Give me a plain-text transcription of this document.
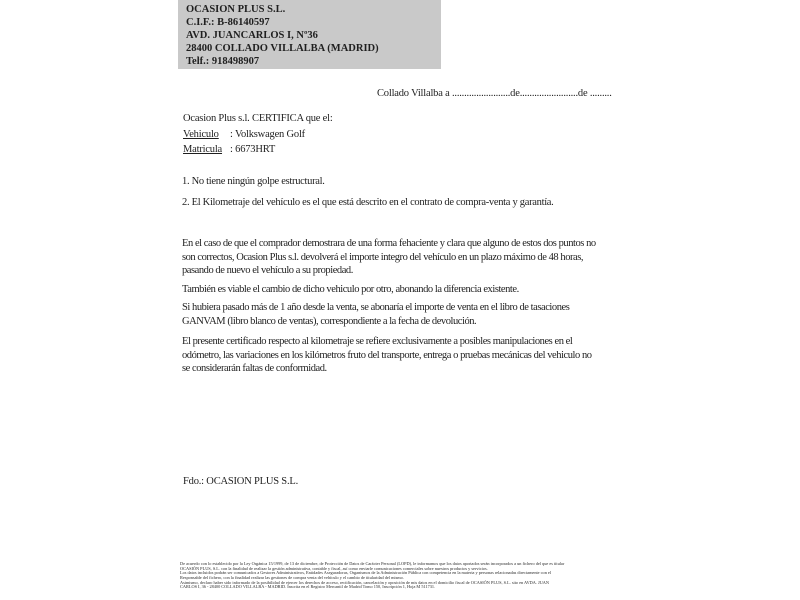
OCASION PLUS S.L.
C.I.F.: B-86140597
AVD. JUANCARLOS I, Nº36
28400 COLLADO VILLALBA (MADRID)
Telf.: 918498907
Collado Villalba a ........................de........................de .........
Ocasion Plus s.l. CERTIFICA que el:
Vehiculo : Volkswagen Golf
Matricula : 6673HRT
1. No tiene ningún golpe estructural.
2. El Kilometraje del vehículo es el que está descrito en el contrato de compra-venta y garantía.
En el caso de que el comprador demostrara de una forma fehaciente y clara que alguno de estos dos puntos no
son correctos, Ocasion Plus s.l. devolverá el importe integro del vehículo en un plazo máximo de 48 horas,
pasando de nuevo el vehículo a su propiedad.
También es viable el cambio de dicho vehiculo por otro, abonando la diferencia existente.
Si hubiera pasado más de 1 año desde la venta, se abonaría el importe de venta en el libro de tasaciones
GANVAM (libro blanco de ventas), correspondiente a la fecha de devolución.
El presente certificado respecto al kilometraje se refiere exclusivamente a posibles manipulaciones en el
odómetro, las variaciones en los kilómetros fruto del transporte, entrega o pruebas mecánicas del vehiculo no
se considerarán faltas de conformidad.
Fdo.: OCASION PLUS S.L.
De acuerdo con lo establecido por la Ley Orgánica 15/1999, de 13 de diciembre, de Protección de Datos de Carácter Personal (LOPD), le informamos que los datos aportados serán incorporados a un fichero del que es titular
OCASIÓN PLUS, S.L. con la finalidad de realizar la gestión administrativa, contable y fiscal, así como enviarle comunicaciones comerciales sobre nuestros productos y servicios.
Los datos incluidos podrán ser comunicados a Gestores Administrativos, Entidades Aseguradoras, Organismos de la Administración Pública con competencia en la materia y personas relacionadas directamente con el
Responsable del fichero, con la finalidad realizar las gestiones de compra venta del vehículo y el cambio de titularidad del mismo.
Asimismo, declaro haber sido informado de la posibilidad de ejercer los derechos de acceso, rectificación, cancelación y oposición de mis datos en el domicilio fiscal de OCASIÓN PLUS, S.L. sito en AVDA. JUAN
CARLOS I, 36 - 28400 COLLADO VILLALBA - MADRID. Inscrita en el Registro Mercantil de Madrid Tomo 150, Inscripción 1, Hoja M 511731.
